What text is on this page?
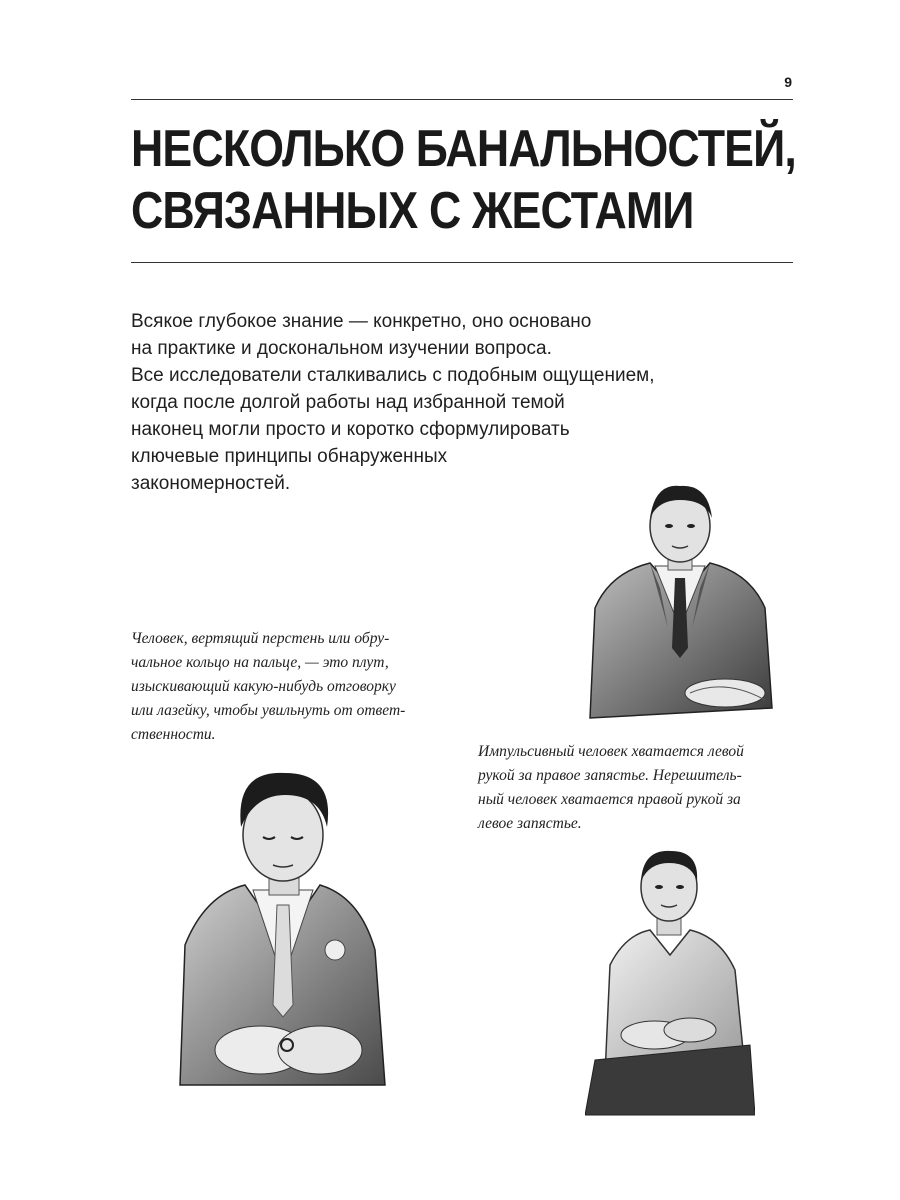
9
НЕСКОЛЬКО БАНАЛЬНОСТЕЙ,
СВЯЗАННЫХ С ЖЕСТАМИ

Всякое глубокое знание — конкретно, оно основано
на практике и доскональном изучении вопроса.
Все исследователи сталкивались с подобным ощущением,
когда после долгой работы над избранной темой
наконец могли просто и коротко сформулировать
ключевые принципы обнаруженных
закономерностей.

Человек, вертящий перстень или обру-
чальное кольцо на пальце, — это плут,
изыскивающий какую-нибудь отговорку
или лазейку, чтобы увильнуть от ответ-
ственности.

Импульсивный человек хватается левой
рукой за правое запястье. Нерешитель-
ный человек хватается правой рукой за
левое запястье.
